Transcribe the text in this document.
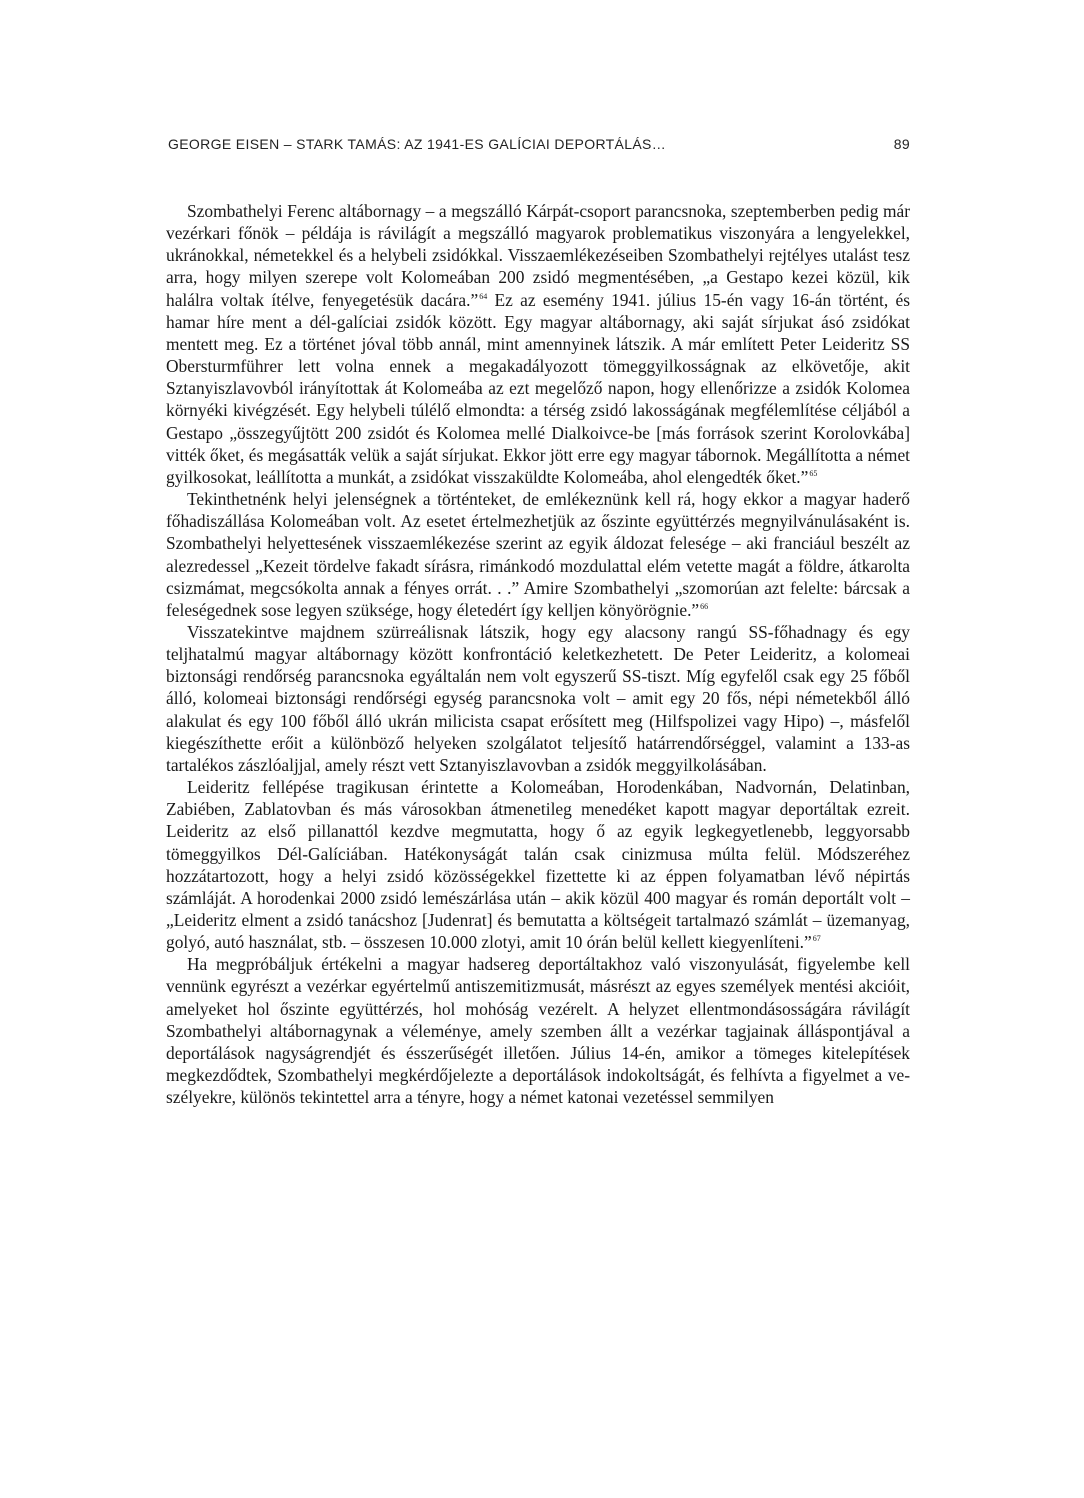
GEORGE EISEN – STARK TAMÁS: AZ 1941-ES GALÍCIAI DEPORTÁLÁS…	89

Szombathelyi Ferenc altábornagy – a megszálló Kárpát-csoport parancsnoka, szeptemberben pedig már vezérkari főnök – példája is rávilágít a megszálló magyarok problematikus viszonyára a lengyelekkel, ukránokkal, németekkel és a helybeli zsidókkal. Visszaemlékezéseiben Szombathelyi rejtélyes utalást tesz arra, hogy milyen szerepe volt Kolomeában 200 zsidó megmentésében, „a Gestapo kezei közül, kik halálra voltak ítélve, fenyegetésük dacára.”$^{64}$ Ez az esemény 1941. július 15-én vagy 16-án történt, és hamar híre ment a dél-galíciai zsidók között. Egy magyar altábornagy, aki saját sírjukat ásó zsidókat mentett meg. Ez a történet jóval több annál, mint amennyinek látszik. A már említett Peter Leideritz SS Obersturmführer lett volna ennek a megakadályozott tömeggyilkosságnak az elkövetője, akit Sztanyiszlavovból irányítottak át Kolomeába az ezt megelőző napon, hogy ellenőrizze a zsidók Kolomea környéki kivégzését. Egy helybeli túlélő elmondta: a térség zsidó lakosságának megfélemlítése céljából a Gestapo „összegyűjtött 200 zsidót és Kolomea mellé Dialkoivce-be [más források szerint Korolovkába] vitték őket, és megásatták velük a saját sírjukat. Ekkor jött erre egy magyar tábornok. Megállította a német gyilkosokat, leállította a munkát, a zsidókat visszaküldte Kolomeába, ahol elengedték őket.”$^{65}$

Tekinthetnénk helyi jelenségnek a történteket, de emlékeznünk kell rá, hogy ekkor a magyar haderő főhadiszállása Kolomeában volt. Az esetet értelmezhetjük az őszinte együttérzés megnyilvánulásaként is. Szombathelyi helyettesének visszaemlékezése szerint az egyik áldozat felesége – aki franciául beszélt az alezredessel „Kezeit tördelve fakadt sírásra, rimánkodó mozdulattal elém vetette magát a földre, átkarolta csizmámat, megcsókolta annak a fényes orrát. . .” Amire Szombathelyi „szomorúan azt felelte: bárcsak a feleségednek sose legyen szüksége, hogy életedért így kelljen könyörögnie.”$^{66}$

Visszatekintve majdnem szürreálisnak látszik, hogy egy alacsony rangú SS-főhadnagy és egy teljhatalmú magyar altábornagy között konfrontáció keletkezhetett. De Peter Leideritz, a kolomeai biztonsági rendőrség parancsnoka egyáltalán nem volt egyszerű SS-tiszt. Míg egyfelől csak egy 25 főből álló, kolomeai biztonsági rendőrségi egység parancsnoka volt – amit egy 20 fős, népi németekből álló alakulat és egy 100 főből álló ukrán milicista csapat erősített meg (Hilfspolizei vagy Hipo) –, másfelől kiegészíthette erőit a különböző helyeken szolgálatot teljesítő határrendőrséggel, valamint a 133-as tartalékos zászlóaljjal, amely részt vett Sztanyiszlavovban a zsidók meggyilkolásában.

Leideritz fellépése tragikusan érintette a Kolomeában, Horodenkában, Nadvornán, Delatinban, Zabiében, Zablatovban és más városokban átmenetileg menedéket kapott magyar deportáltak ezreit. Leideritz az első pillanattól kezdve megmutatta, hogy ő az egyik legkegyetlenebb, leggyorsabb tömeggyilkos Dél-Galíciában. Hatékonyságát talán csak cinizmusa múlta felül. Módszeréhez hozzátartozott, hogy a helyi zsidó közösségekkel fizettette ki az éppen folyamatban lévő népirtás számláját. A horodenkai 2000 zsidó lemészárlása után – akik közül 400 magyar és román deportált volt – „Leideritz elment a zsidó tanácshoz [Judenrat] és bemutatta a költségeit tartalmazó számlát – üzemanyag, golyó, autó használat, stb. – összesen 10.000 zlotyi, amit 10 órán belül kellett kiegyenlíteni.”$^{67}$

Ha megpróbáljuk értékelni a magyar hadsereg deportáltakhoz való viszonyulását, figyelembe kell vennünk egyrészt a vezérkar egyértelmű antiszemitizmusát, másrészt az egyes személyek mentési akcióit, amelyeket hol őszinte együttérzés, hol mohóság vezérelt. A helyzet ellentmondásosságára rávilágít Szombathelyi altábornagynak a véleménye, amely szemben állt a vezérkar tagjainak álláspontjával a deportálások nagyságrendjét és ésszerűségét illetően. Július 14-én, amikor a tömeges kitelepítések megkezdődtek, Szombathelyi megkérdőjelezte a deportálások indokoltságát, és felhívta a figyelmet a veszélyekre, különös tekintettel arra a tényre, hogy a német katonai vezetéssel semmilyen
